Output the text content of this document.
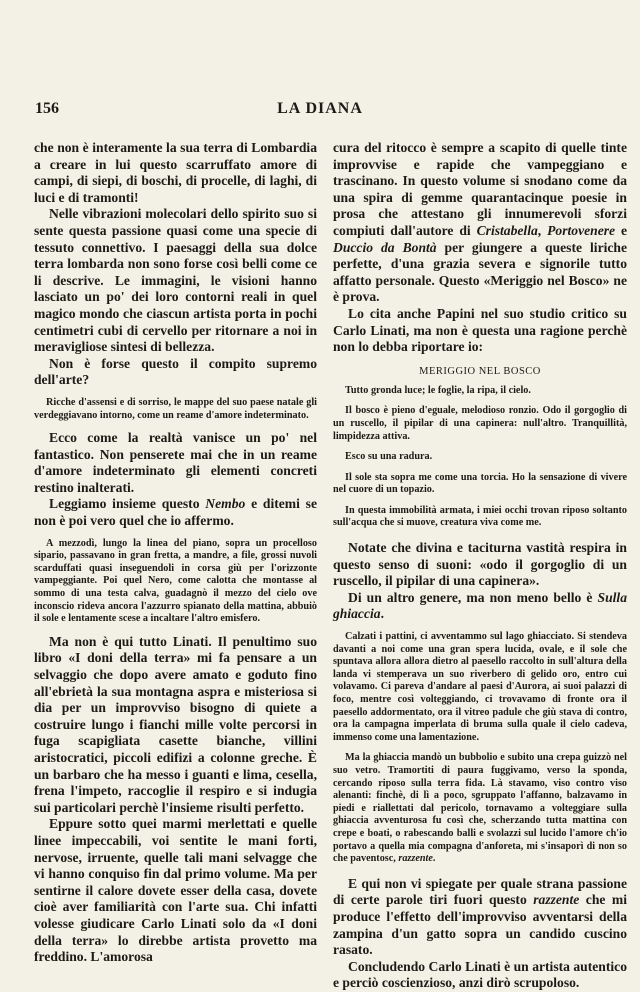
156	LA DIANA

che non è interamente la sua terra di Lombardia a creare in lui questo scarruffato amore di campi, di siepi, di boschi, di procelle, di laghi, di luci e di tramonti!

Nelle vibrazioni molecolari dello spirito suo si sente questa passione quasi come una specie di tessuto connettivo. I paesaggi della sua dolce terra lombarda non sono forse così belli come ce li descrive. Le immagini, le visioni hanno lasciato un po' dei loro contorni reali in quel magico mondo che ciascun artista porta in pochi centimetri cubi di cervello per ritornare a noi in meravigliose sintesi di bellezza.

Non è forse questo il compito supremo dell'arte?

Ricche d'assensi e di sorriso, le mappe del suo paese natale gli verdeggiavano intorno, come un reame d'amore indeterminato.

Ecco come la realtà vanisce un po' nel fantastico. Non penserete mai che in un reame d'amore indeterminato gli elementi concreti restino inalterati.

Leggiamo insieme questo Nembo e ditemi se non è poi vero quel che io affermo.

A mezzodì, lungo la linea del piano, sopra un procelloso sipario, passavano in gran fretta, a mandre, a file, grossi nuvoli scarduffati quasi inseguendoli in corsa giù per l'orizzonte vampeggiante. Poi quel Nero, come calotta che montasse al sommo di una testa calva, guadagnò il mezzo del cielo ove inconscio rideva ancora l'azzurro spianato della mattina, abbuiò il sole e lentamente scese a incaltare l'altro emisfero.

Ma non è qui tutto Linati. Il penultimo suo libro «I doni della terra» mi fa pensare a un selvaggio che dopo avere amato e goduto fino all'ebrietà la sua montagna aspra e misteriosa si dia per un improvviso bisogno di quiete a costruire lungo i fianchi mille volte percorsi in fuga scapigliata casette bianche, villini aristocratici, piccoli edifizi a colonne greche. È un barbaro che ha messo i guanti e lima, cesella, frena l'impeto, raccoglie il respiro e si indugia sui particolari perchè l'insieme risulti perfetto.

Eppure sotto quei marmi merlettati e quelle linee impeccabili, voi sentite le mani forti, nervose, irruente, quelle tali mani selvagge che vi hanno conquiso fin dal primo volume. Ma per sentirne il calore dovete esser della casa, dovete cioè aver familiarità con l'arte sua. Chi infatti volesse giudicare Carlo Linati solo da «I doni della terra» lo direbbe artista provetto ma freddino. L'amorosa

cura del ritocco è sempre a scapito di quelle tinte improvvise e rapide che vampeggiano e trascinano. In questo volume si snodano come da una spira di gemme quarantacinque poesie in prosa che attestano gli innumerevoli sforzi compiuti dall'autore di Cristabella, Portovenere e Duccio da Bontà per giungere a queste liriche perfette, d'una grazia severa e signorile tutto affatto personale. Questo «Meriggio nel Bosco» ne è prova.

Lo cita anche Papini nel suo studio critico su Carlo Linati, ma non è questa una ragione perchè non lo debba riportare io:

MERIGGIO NEL BOSCO

Tutto gronda luce; le foglie, la ripa, il cielo.

Il bosco è pieno d'eguale, melodioso ronzio. Odo il gorgoglio di un ruscello, il pipilar di una capinera: null'altro. Tranquillità, limpidezza attiva.

Esco su una radura.

Il sole sta sopra me come una torcia. Ho la sensazione di vivere nel cuore di un topazio.

In questa immobilità armata, i miei occhi trovan riposo soltanto sull'acqua che si muove, creatura viva come me.

Notate che divina e taciturna vastità respira in questo senso di suoni: «odo il gorgoglio di un ruscello, il pipilar di una capinera».

Di un altro genere, ma non meno bello è Sulla ghiaccia.

Calzati i pattini, ci avventammo sul lago ghiacciato. Si stendeva davanti a noi come una gran spera lucida, ovale, e il sole che spuntava allora allora dietro al paesello raccolto in sull'altura della landa vi stemperava un suo riverbero di gelido oro, entro cui volavamo. Ci pareva d'andare al paesi d'Aurora, ai suoi palazzi di foco, mentre così volteggiando, ci trovavamo di fronte ora il paesello addormentato, ora il vitreo padule che giù stava di contro, ora la campagna imperlata di bruma sulla quale il cielo cadeva, immenso come una lamentazione.

Ma la ghiaccia mandò un bubbolio e subito una crepa guizzò nel suo vetro. Tramortiti di paura fuggivamo, verso la sponda, cercando riposo sulla terra fida. Là stavamo, viso contro viso alenanti: finchè, di lì a poco, sgruppato l'affanno, balzavamo in piedi e riallettati dal pericolo, tornavamo a volteggiare sulla ghiaccia avventurosa fu così che, scherzando tutta mattina con crepe e boati, o rabescando balli e svolazzi sul lucido l'amore ch'io portavo a quella mia compagna d'anforeta, mi s'insaporì di non so che paventosc, razzente.

E qui non vi spiegate per quale strana passione di certe parole tiri fuori questo razzente che mi produce l'effetto dell'improvviso avventarsi della zampina d'un gatto sopra un candido cuscino rasato.

Concludendo Carlo Linati è un artista autentico e perciò coscienzioso, anzi dirò scrupoloso.
